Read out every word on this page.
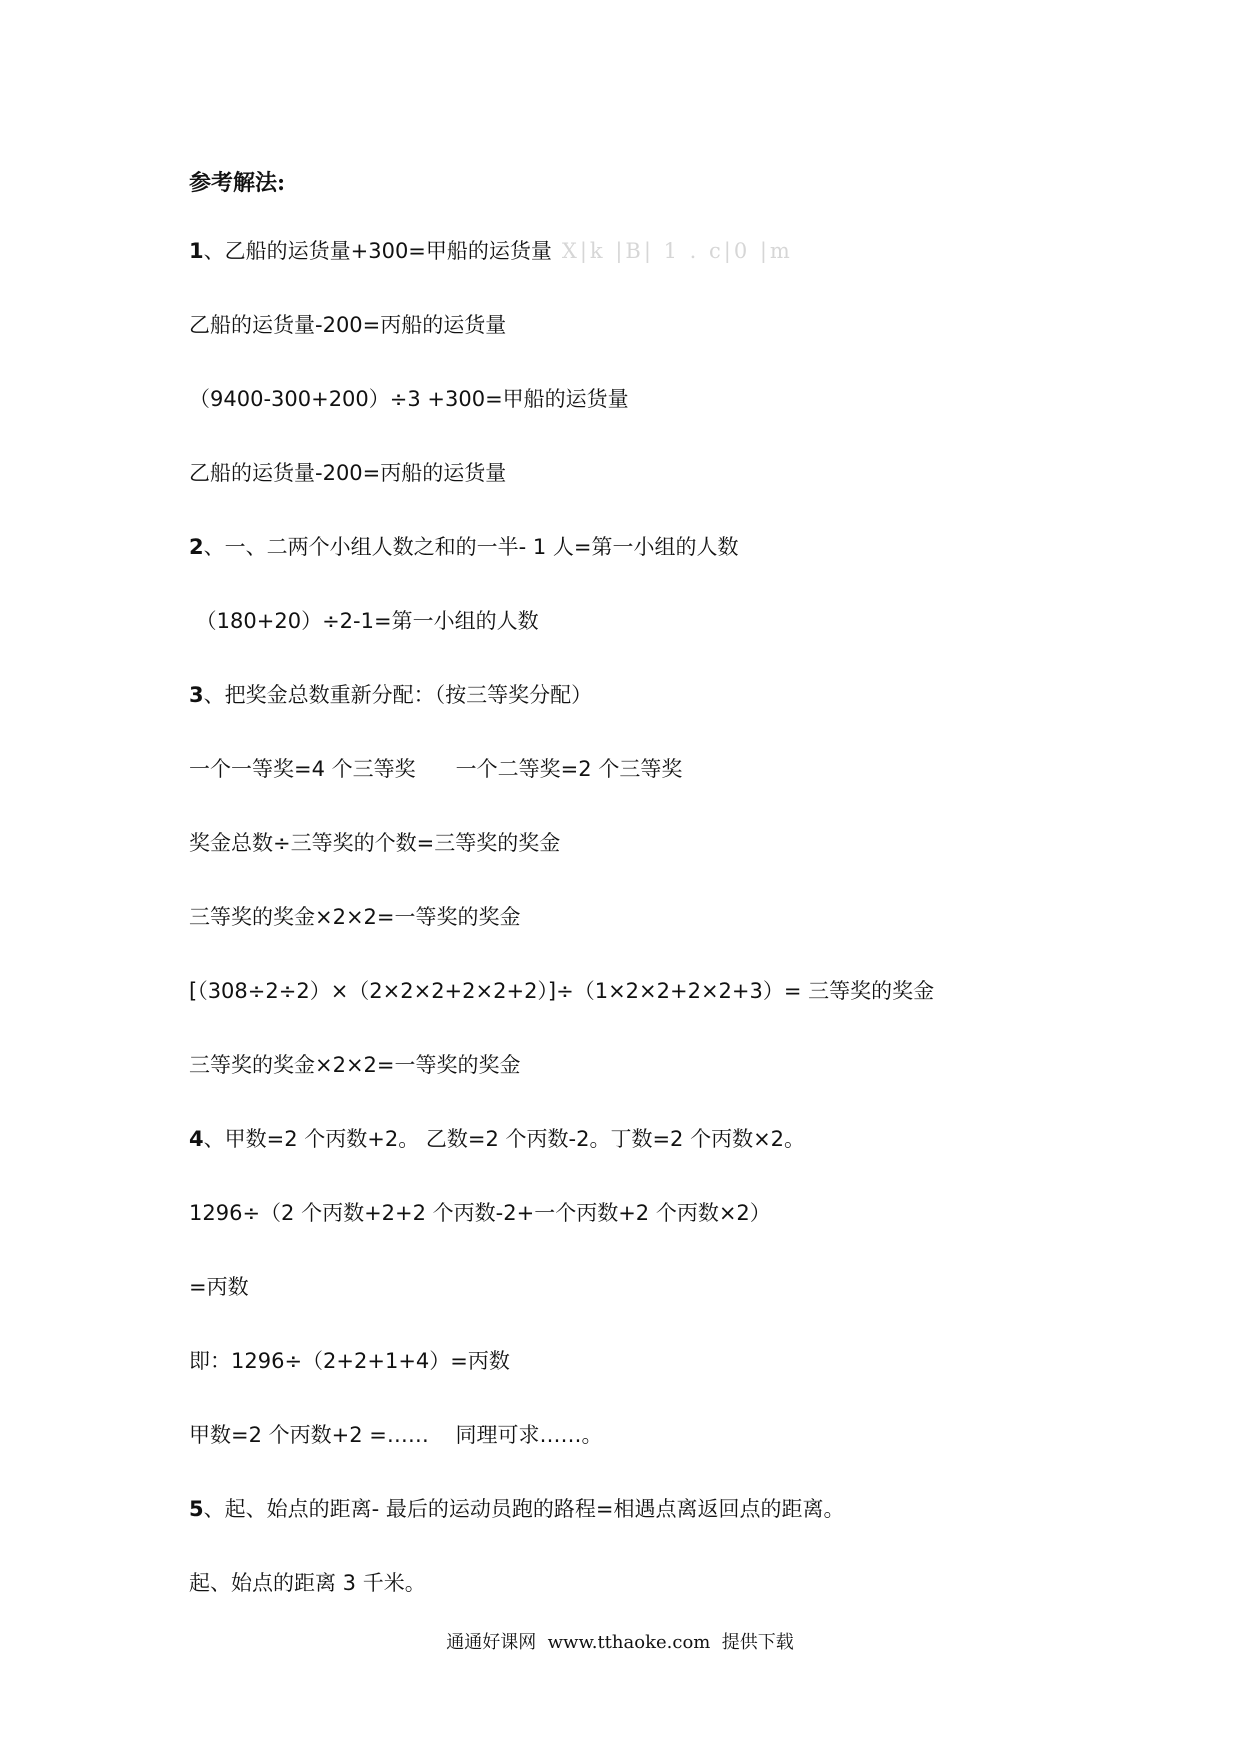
参考解法:
1、乙船的运货量+300=甲船的运货量 X|k |B| 1 . c|0 |m
乙船的运货量-200=丙船的运货量
（9400-300+200）÷3 +300=甲船的运货量
乙船的运货量-200=丙船的运货量
2、一、二两个小组人数之和的一半- 1 人=第一小组的人数
（180+20）÷2-1=第一小组的人数
3、把奖金总数重新分配：（按三等奖分配）
一个一等奖=4 个三等奖      一个二等奖=2 个三等奖
奖金总数÷三等奖的个数=三等奖的奖金
三等奖的奖金×2×2=一等奖的奖金
[（308÷2÷2）×（2×2×2+2×2+2）]÷（1×2×2+2×2+3）= 三等奖的奖金
三等奖的奖金×2×2=一等奖的奖金
4、甲数=2 个丙数+2。 乙数=2 个丙数-2。丁数=2 个丙数×2。
1296÷（2 个丙数+2+2 个丙数-2+一个丙数+2 个丙数×2）
=丙数
即：1296÷（2+2+1+4）=丙数
甲数=2 个丙数+2 =……    同理可求……。
5、起、始点的距离- 最后的运动员跑的路程=相遇点离返回点的距离。
起、始点的距离 3 千米。
通通好课网  www.tthaoke.com  提供下载
